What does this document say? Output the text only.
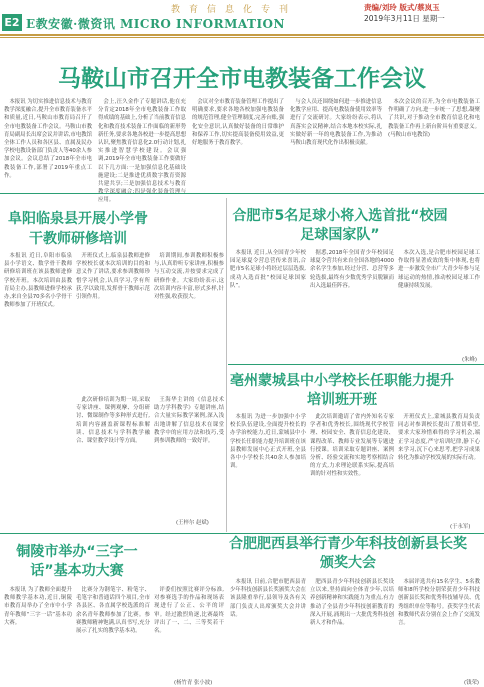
E2 E教安徽·微资讯 MICRO INFORMATION
教育信息化专刊	责编/刘玲 版式/蔡岚玉
2019年3月11日 星期一
马鞍山市召开全市电教装备工作会议
本报讯 为切实推进信息技术与教育教学深度融合,提升全市教育装备水平和质量,近日,马鞍山市教育局召开了全市电教装备工作会议。马鞍山市教育局副局长出席会议并讲话,市电教馆全体工作人员和各区县、直属及民办学校电教设备部门负责人等40余人参加会议。会议总结了2018年全市电教装备工作,部署了2019年重点工作。
会上,汪久金作了专题讲话,他在充分肯定2018年全市电教装备工作取得成绩的基础上,分析了当前教育信息化和教育技术装备工作面临的新形势新任务,要求各地各校进一步提高思想认识,聚焦教育信息化2.0行动计划,扎实推进智慧学校建设。会议强调,2019年全市电教装备工作要做好以下几方面:一是加强信息化基础设施建设;二是推进优质数字教育资源共建共享;三是加强信息技术与教育 应用。
会议对全市教育装备管理工作提出了明确要求,要求各地各校加强电教装备的规范管理,健全管理制度,完善台账,强化安全意识,认真做好装备的日常维护和保养工作,切实提高装备使用效益,更好地服务于教育教学。
与会人员还围绕如何进一步推进信息化教学应用、提高电教装备使用效率等进行了交流研讨。大家纷纷表示,将认真落实会议精神,结合本地本校实际,扎实做好新一年的电教装备工作,为推动马鞍山教育现代化作出积极贡献。
本次会议的召开,为全市电教装备工作明确了方向,进一步统一了思想,凝聚了共识,对于推动全市教育信息化和电教装备工作再上新台阶具有重要意义。(马鞍山市电教馆)
阜阳临泉县开展小学骨干教师研修培训
本报讯 近日,阜阳市临泉县小学语文、数学骨干教师研修培训班在该县教师进修学校开班。本次培训由县教育局主办,县教师进修学校承办,来自全县70多名小学骨干教师参加了开班仪式。
开班仪式上,临泉县教师进修学校校长就本次培训的目的和意义作了讲话,要求参训教师珍惜学习机会,认真学习,学有所获,学以致用,发挥骨干教师示范引领作用。
此次研修培训为期一周,采取专家讲座、课例观摩、分组研讨、微课制作等多种形式进行,培训内容涵盖新课程标准解读、信息技术与学科教学融合、课堂教学设计等方面。
培训期间,参训教师积极参与,认真聆听专家讲座,积极参与互动交流,并按要求完成了研修作业。大家纷纷表示,这次培训内容丰富,形式多样,针对性强,收获很大。
王海华主讲的《信息技术助力学科教学》专题讲座,结合大量实际教学案例,深入浅出地讲解了信息技术在课堂教学中的应用方法和技巧,受到参训教师的一致好评。
(王梓尔 赵斌)
合肥市5名足球小将入选首批“校园足球国家队”
本报讯 近日,从全国青少年校园足球夏令营总营传来喜讯,合肥市5名足球小将经过层层选拔,成功入选首批“校园足球国家队”。
据悉,2018年全国青少年校园足球夏令营共有来自全国各地的4000余名学生参加,经过分营、总营等多轮选拔,最终有少数优秀学员脱颖而出入选最佳阵容。
本次入选,是合肥市校园足球工作取得显著成效的集中体现,也将进一步激发全市广大青少年参与足球运动的热情,推动校园足球工作健康持续发展。
(朱峰)
亳州蒙城县中小学校长任职能力提升培训班开班
本报讯 为进一步加强中小学校长队伍建设,全面提升校长的办学治校能力,近日,蒙城县中小学校长任职能力提升培训班在该县教师发展中心正式开班,全县各中小学校长共40余人参加培训。
此次培训邀请了省内外知名专家学者和优秀校长,围绕现代学校管理、校园安全、教育信息化建设、课程改革、教师专业发展等专题进行授课。培训采取专题讲座、案例分析、经验交流和实地考察相结合的方式,力求理论联系实际,提高培训的针对性和实效性。
开班仪式上,蒙城县教育局负责同志对参训校长提出了殷切希望,要求大家珍惜难得的学习机会,端正学习态度,严守培训纪律,静下心来学习,沉下心来思考,把学习成果转化为推动学校发展的实际行动。
(于永军)
铜陵市举办“三字一话”基本功大赛
本报讯 为了教师全面提升教师教学基本功,近日,铜陵市教育局举办了全市中小学青年教师“三字一话”基本功大赛。
比赛分为钢笔字、粉笔字、毛笔字和普通话四个项目,全市各县区、各直属学校选派的百余名青年教师参加了比赛。参赛教师精神饱满,认真书写,充分展示了扎实的教学基本功。
评委们按照比赛评分标准,对参赛选手的作品和现场表现进行了公正、公平的评审。经过激烈角逐,比赛最终评出了一、二、三等奖若干名。
(杨竹青 张小波)
合肥肥西县举行青少年科技创新县长奖颁奖大会
本报讯 日前,合肥市肥西县青少年科技创新县长奖颁奖大会在该县隆重举行,县领导及各有关部门负责人出席颁奖大会并讲话。
肥西县青少年科技创新县长奖设立以来,坚持面向全体青少年,以培养创新精神和实践能力为重点,有力推动了全县青少年科技创新教育的深入开展,涌现出一大批优秀科技创新人才和作品。
本届评选共有15名学生、5名教师和8所学校分别荣获青少年科技创新县长奖和优秀科技辅导员、优秀组织单位等称号。获奖学生代表和教师代表分别在会上作了交流发言。
(钱荣)
